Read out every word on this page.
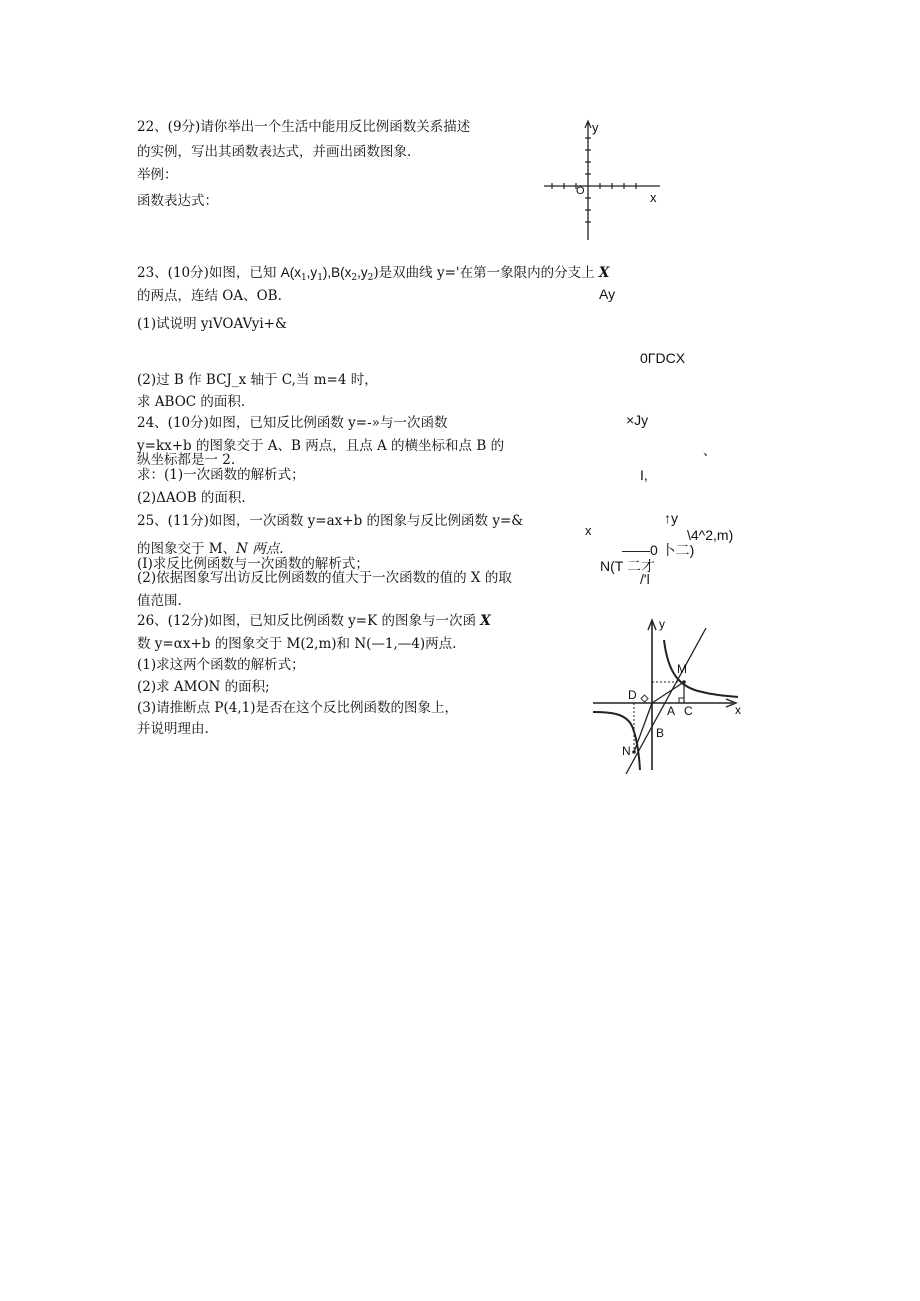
22、(9分)请你举出一个生活中能用反比例函数关系描述
的实例，写出其函数表达式，并画出函数图象.
举例：
函数表达式：
y
x
O
23、(10分)如图，已知 $A(x_1,y_1),B(x_2,y_2)$是双曲线 y='在第一象限内的分支上 X
的两点，连结 OA、OB.
(1)试说明 yıVOAVyi+&
(2)过 B 作 BCJ_x 轴于 C,当 m=4 时，
求 ABOC 的面积.
Ay
0ΓDCX
24、(10分)如图，已知反比例函数 y=-»与一次函数
y=kx+b 的图象交于 A、B 两点，且点 A 的横坐标和点 B 的
纵坐标都是一 2.
求：(1)一次函数的解析式；
(2)ΔAOB 的面积.
×Jy
、
I,
25、(11分)如图，一次函数 y=ax+b 的图象与反比例函数 y=&
的图象交于 M、N 两点.
(I)求反比例函数与一次函数的解析式；
(2)依据图象写出访反比例函数的值大于一次函数的值的 X 的取
值范围.
x
↑y
\4^2,m)
——0 卜二)
N(T 二才
/'l
26、(12分)如图，已知反比例函数 y=K 的图象与一次函 X
数 y=αx+b 的图象交于 M(2,m)和 N(—1,—4)两点.
(1)求这两个函数的解析式；
(2)求 AMON 的面积;
(3)请推断点 P(4,1)是否在这个反比例函数的图象上，
并说明理由.
y
x
M
D
A C
B
N
